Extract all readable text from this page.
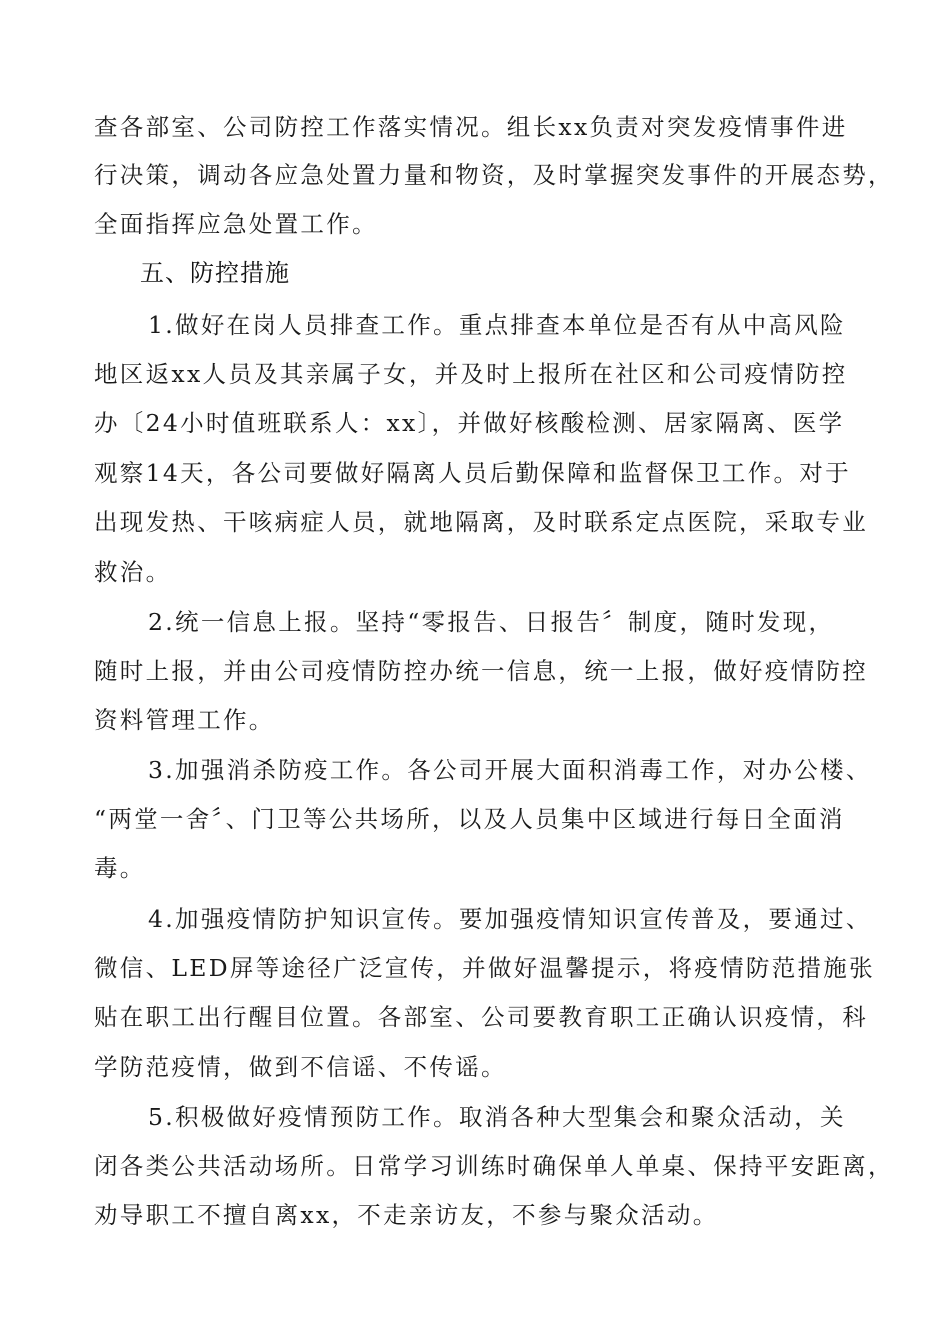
查各部室、公司防控工作落实情况。组长xx负责对突发疫情事件进
行决策，调动各应急处置力量和物资，及时掌握突发事件的开展态势，
全面指挥应急处置工作。
五、防控措施
1.做好在岗人员排查工作。重点排查本单位是否有从中高风险
地区返xx人员及其亲属子女，并及时上报所在社区和公司疫情防控
办〔24小时值班联系人：xx〕，并做好核酸检测、居家隔离、医学
观察14天，各公司要做好隔离人员后勤保障和监督保卫工作。对于
出现发热、干咳病症人员，就地隔离，及时联系定点医院，采取专业
救治。
2.统一信息上报。坚持“零报告、日报告〞制度，随时发现，
随时上报，并由公司疫情防控办统一信息，统一上报，做好疫情防控
资料管理工作。
3.加强消杀防疫工作。各公司开展大面积消毒工作，对办公楼、
“两堂一舍〞、门卫等公共场所，以及人员集中区域进行每日全面消
毒。
4.加强疫情防护知识宣传。要加强疫情知识宣传普及，要通过、
微信、LED屏等途径广泛宣传，并做好温馨提示，将疫情防范措施张
贴在职工出行醒目位置。各部室、公司要教育职工正确认识疫情，科
学防范疫情，做到不信谣、不传谣。
5.积极做好疫情预防工作。取消各种大型集会和聚众活动，关
闭各类公共活动场所。日常学习训练时确保单人单桌、保持平安距离，
劝导职工不擅自离xx，不走亲访友，不参与聚众活动。
